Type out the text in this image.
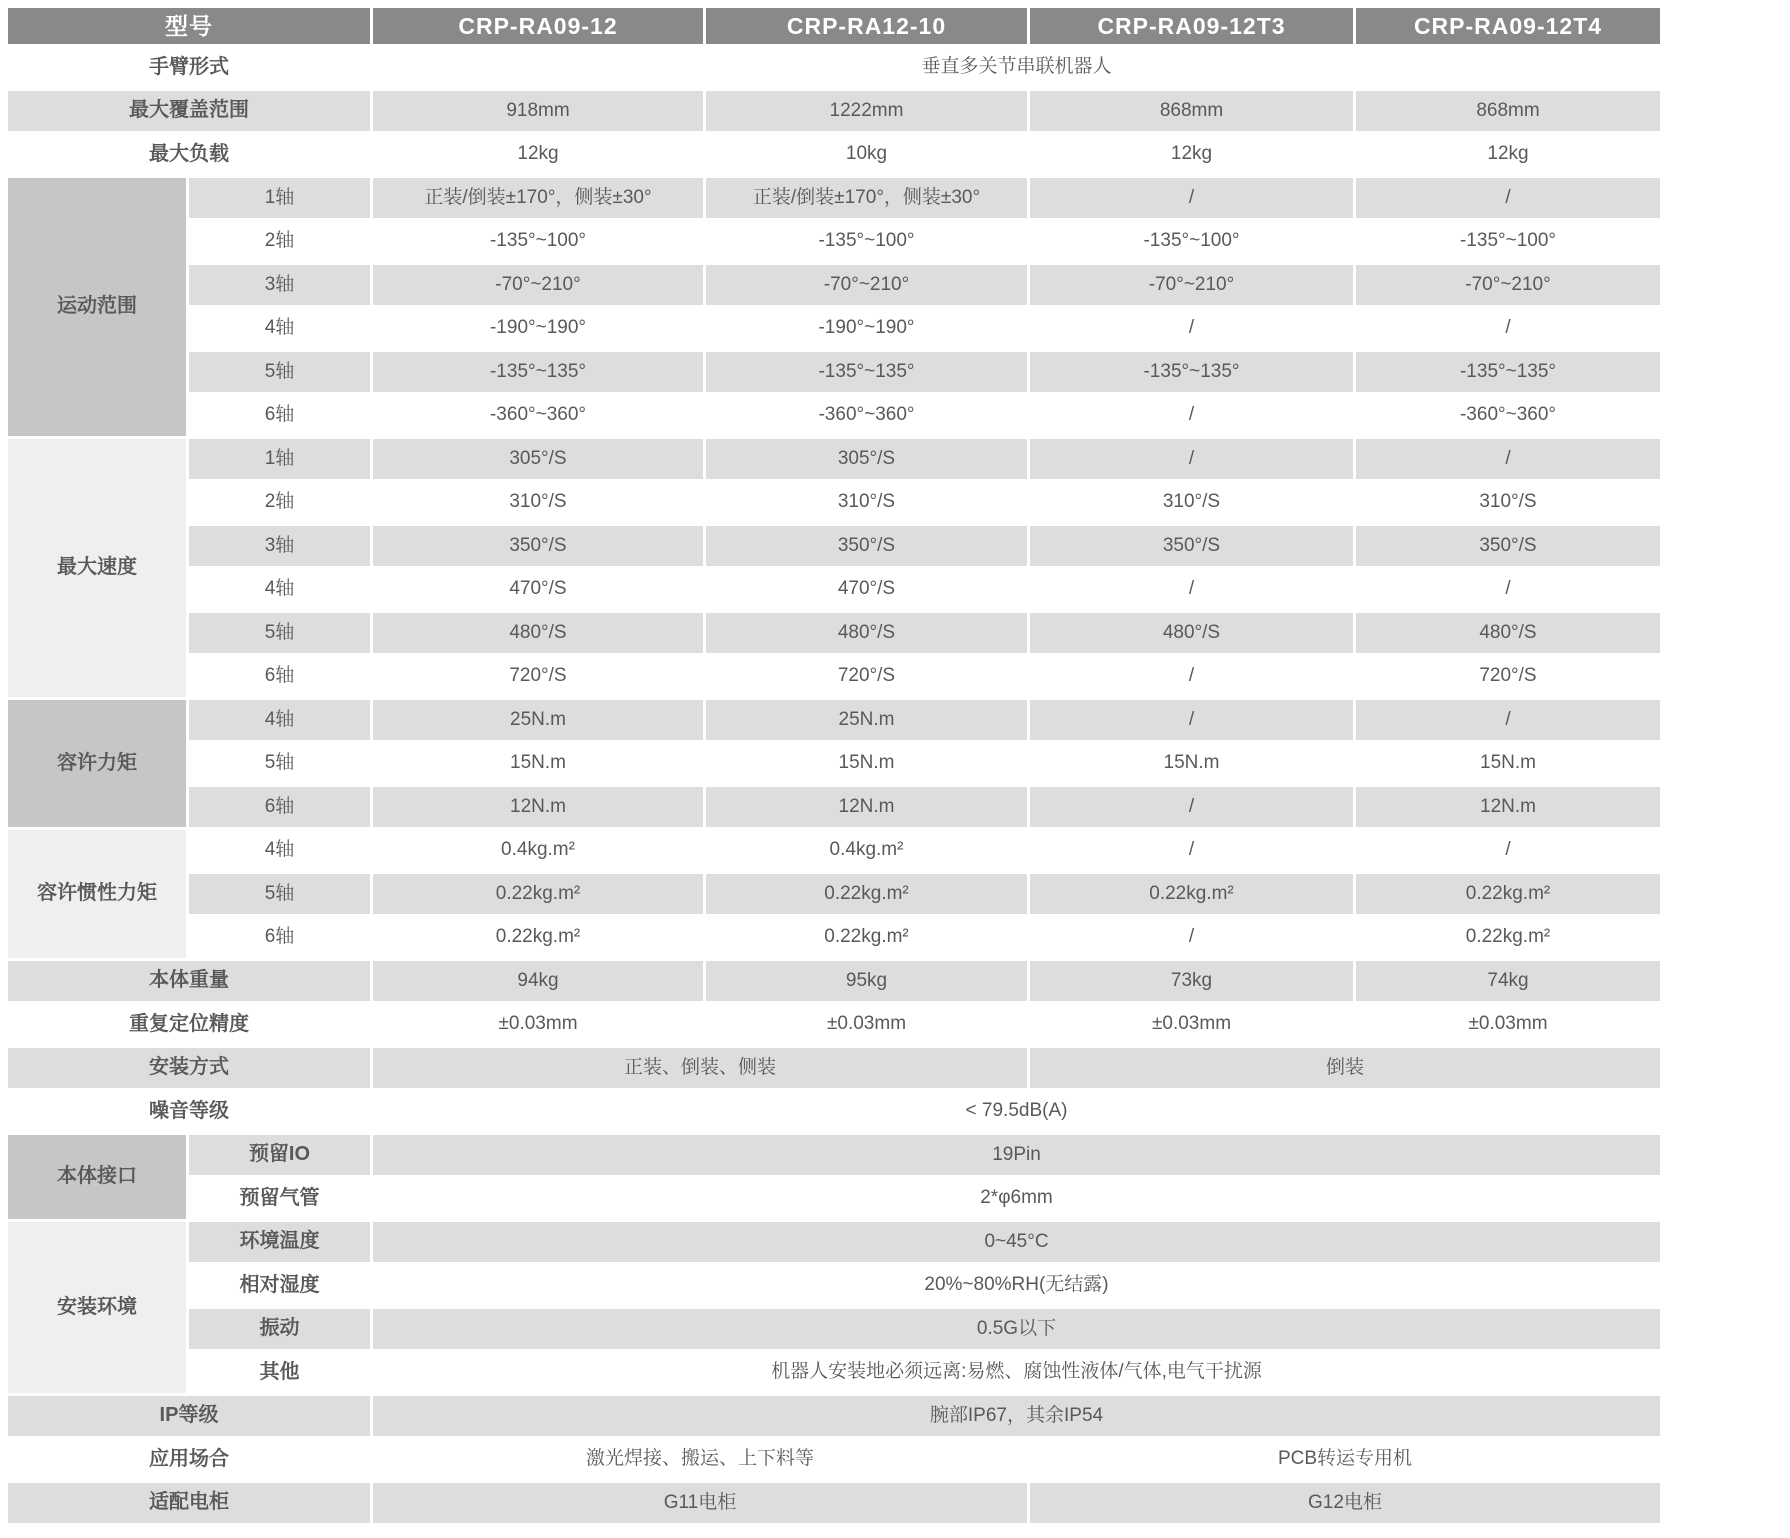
型号	CRP-RA09-12	CRP-RA12-10	CRP-RA09-12T3	CRP-RA09-12T4
手臂形式	垂直多关节串联机器人
最大覆盖范围	918mm	1222mm	868mm	868mm
最大负载	12kg	10kg	12kg	12kg
运动范围
1轴	正装/倒装±170°，侧装±30°	正装/倒装±170°，侧装±30°	/	/
2轴	-135°~100°	-135°~100°	-135°~100°	-135°~100°
3轴	-70°~210°	-70°~210°	-70°~210°	-70°~210°
4轴	-190°~190°	-190°~190°	/	/
5轴	-135°~135°	-135°~135°	-135°~135°	-135°~135°
6轴	-360°~360°	-360°~360°	/	-360°~360°
最大速度
1轴	305°/S	305°/S	/	/
2轴	310°/S	310°/S	310°/S	310°/S
3轴	350°/S	350°/S	350°/S	350°/S
4轴	470°/S	470°/S	/	/
5轴	480°/S	480°/S	480°/S	480°/S
6轴	720°/S	720°/S	/	720°/S
容许力矩
4轴	25N.m	25N.m	/	/
5轴	15N.m	15N.m	15N.m	15N.m
6轴	12N.m	12N.m	/	12N.m
容许惯性力矩
4轴	0.4kg.m²	0.4kg.m²	/	/
5轴	0.22kg.m²	0.22kg.m²	0.22kg.m²	0.22kg.m²
6轴	0.22kg.m²	0.22kg.m²	/	0.22kg.m²
本体重量	94kg	95kg	73kg	74kg
重复定位精度	±0.03mm	±0.03mm	±0.03mm	±0.03mm
安装方式	正装、倒装、侧装	倒装
噪音等级	< 79.5dB(A)
本体接口
预留IO	19Pin
预留气管	2*φ6mm
安装环境
环境温度	0~45°C
相对湿度	20%~80%RH(无结露)
振动	0.5G以下
其他	机器人安装地必须远离:易燃、腐蚀性液体/气体,电气干扰源
IP等级	腕部IP67，其余IP54
应用场合	激光焊接、搬运、上下料等	PCB转运专用机
适配电柜	G11电柜	G12电柜
